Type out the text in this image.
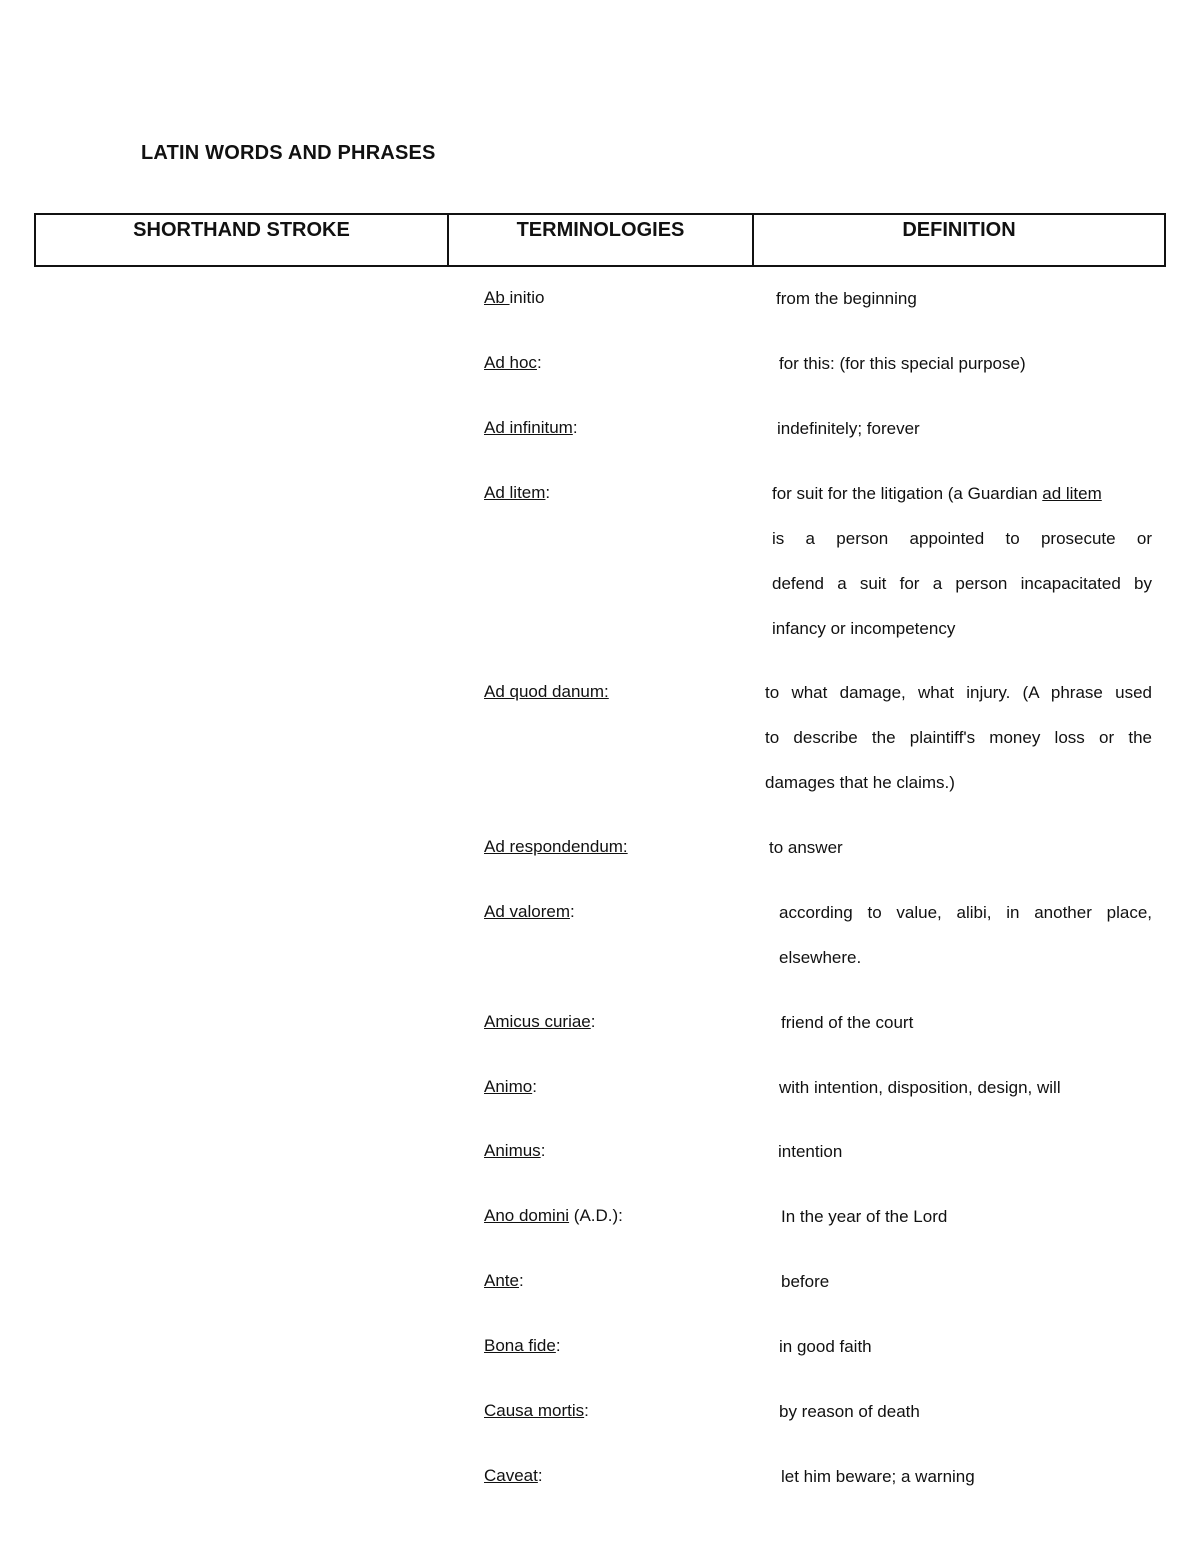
LATIN WORDS AND PHRASES
SHORTHAND STROKE	TERMINOLOGIES	DEFINITION
Ab initio	from the beginning
Ad hoc:	for this: (for this special purpose)
Ad infinitum:	indefinitely; forever
Ad litem:	for suit for the litigation (a Guardian ad litem
is a person appointed to prosecute or
defend a suit for a person incapacitated by
infancy or incompetency
Ad quod danum:	to what damage, what injury. (A phrase used
to describe the plaintiff's money loss or the
damages that he claims.)
Ad respondendum:	to answer
Ad valorem:	according to value, alibi, in another place,
elsewhere.
Amicus curiae:	friend of the court
Animo:	with intention, disposition, design, will
Animus:	intention
Ano domini (A.D.):	In the year of the Lord
Ante:	before
Bona fide:	in good faith
Causa mortis:	by reason of death
Caveat:	let him beware; a warning
